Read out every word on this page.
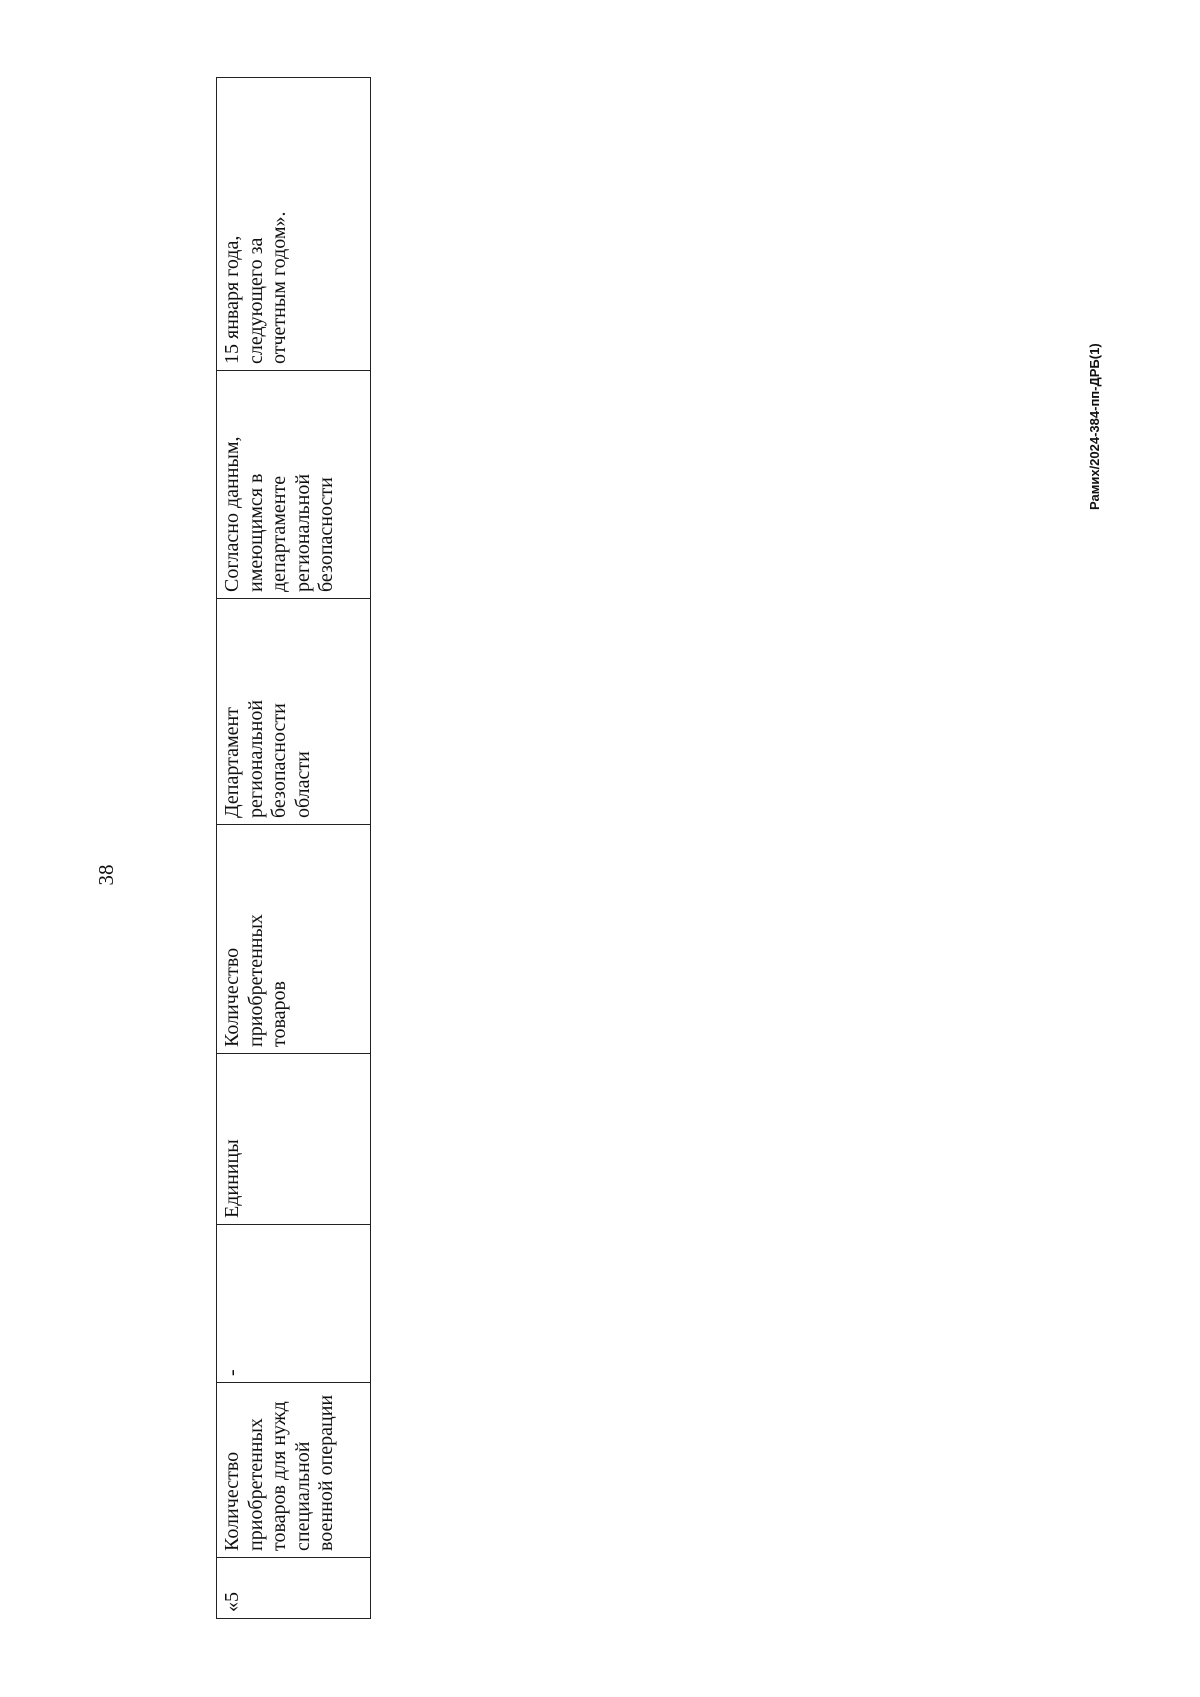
38
Рамиx/2024-384-пп-ДРБ(1)
«5	Количество
приобретенных
товаров для нужд
специальной
военной операции	-	Единицы	Количество
приобретенных
товаров	Департамент
региональной
безопасности
области	Согласно данным,
имеющимся в
департаменте
региональной
безопасности	15 января года,
следующего за
отчетным годом».
